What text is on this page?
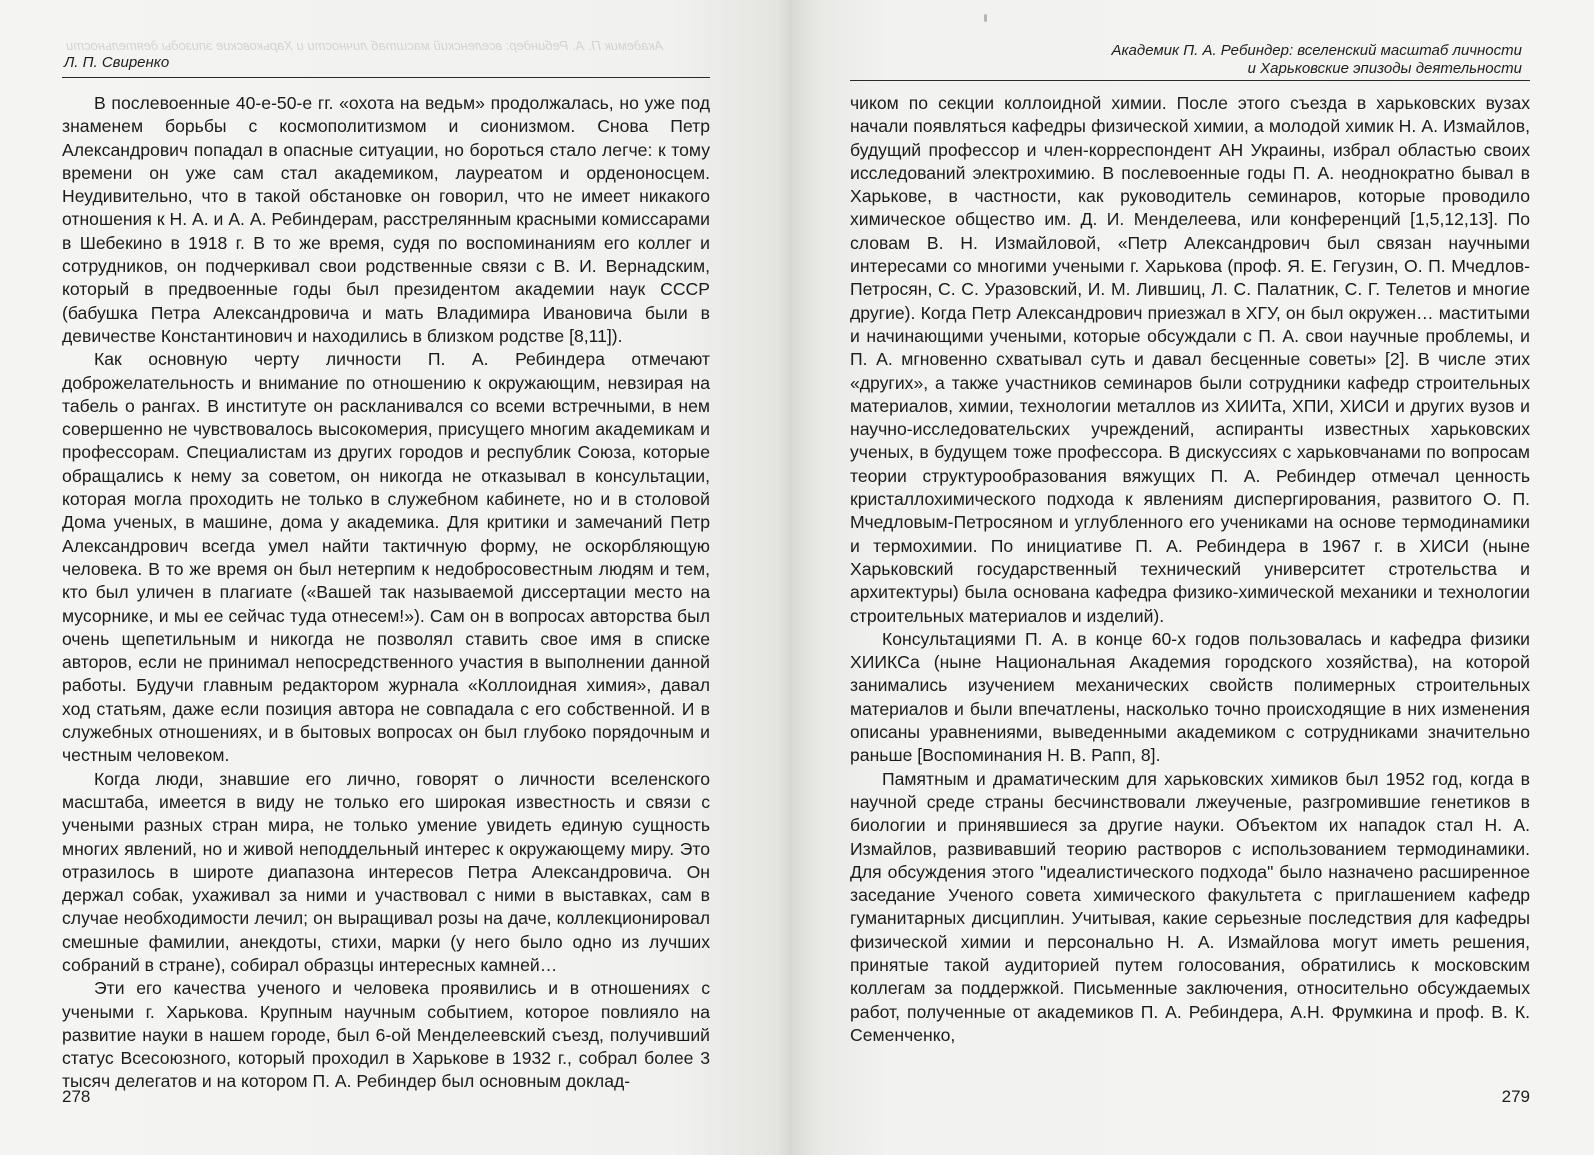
Академик П. А. Ребиндер: вселенский масштаб личности и Харьковские эпизоды деятельности
Л. П. Свиренко

В послевоенные 40-е-50-е гг. «охота на ведьм» продолжалась, но уже под знаменем борьбы с космополитизмом и сионизмом. Снова Петр Александрович попадал в опасные ситуации, но бороться стало легче: к тому времени он уже сам стал академиком, лауреатом и орденоносцем. Неудивительно, что в такой обстановке он говорил, что не имеет никакого отношения к Н. А. и А. А. Ребиндерам, расстрелянным красными комиссарами в Шебекино в 1918 г. В то же время, судя по воспоминаниям его коллег и сотрудников, он подчеркивал свои родственные связи с В. И. Вернадским, который в предвоенные годы был президентом академии наук СССР (бабушка Петра Александровича и мать Владимира Ивановича были в девичестве Константинович и находились в близком родстве [8,11]).

Как основную черту личности П. А. Ребиндера отмечают доброжелательность и внимание по отношению к окружающим, невзирая на табель о рангах. В институте он раскланивался со всеми встречными, в нем совершенно не чувствовалось высокомерия, присущего многим академикам и профессорам. Специалистам из других городов и республик Союза, которые обращались к нему за советом, он никогда не отказывал в консультации, которая могла проходить не только в служебном кабинете, но и в столовой Дома ученых, в машине, дома у академика. Для критики и замечаний Петр Александрович всегда умел найти тактичную форму, не оскорбляющую человека. В то же время он был нетерпим к недобросовестным людям и тем, кто был уличен в плагиате («Вашей так называемой диссертации место на мусорнике, и мы ее сейчас туда отнесем!»). Сам он в вопросах авторства был очень щепетильным и никогда не позволял ставить свое имя в списке авторов, если не принимал непосредственного участия в выполнении данной работы. Будучи главным редактором журнала «Коллоидная химия», давал ход статьям, даже если позиция автора не совпадала с его собственной. И в служебных отношениях, и в бытовых вопросах он был глубоко порядочным и честным человеком.

Когда люди, знавшие его лично, говорят о личности вселенского масштаба, имеется в виду не только его широкая известность и связи с учеными разных стран мира, не только умение увидеть единую сущность многих явлений, но и живой неподдельный интерес к окружающему миру. Это отразилось в широте диапазона интересов Петра Александровича. Он держал собак, ухаживал за ними и участвовал с ними в выставках, сам в случае необходимости лечил; он выращивал розы на даче, коллекционировал смешные фамилии, анекдоты, стихи, марки (у него было одно из лучших собраний в стране), собирал образцы интересных камней…

Эти его качества ученого и человека проявились и в отношениях с учеными г. Харькова. Крупным научным событием, которое повлияло на развитие науки в нашем городе, был 6-ой Менделеевский съезд, получивший статус Всесоюзного, который проходил в Харькове в 1932 г., собрал более 3 тысяч делегатов и на котором П. А. Ребиндер был основным доклад-

278
Академик П. А. Ребиндер: вселенский масштаб личности
и Харьковские эпизоды деятельности

чиком по секции коллоидной химии. После этого съезда в харьковских вузах начали появляться кафедры физической химии, а молодой химик Н. А. Измайлов, будущий профессор и член-корреспондент АН Украины, избрал областью своих исследований электрохимию. В послевоенные годы П. А. неоднократно бывал в Харькове, в частности, как руководитель семинаров, которые проводило химическое общество им. Д. И. Менделеева, или конференций [1,5,12,13]. По словам В. Н. Измайловой, «Петр Александрович был связан научными интересами со многими учеными г. Харькова (проф. Я. Е. Гегузин, О. П. Мчедлов-Петросян, С. С. Уразовский, И. М. Лившиц, Л. С. Палатник, С. Г. Телетов и многие другие). Когда Петр Александрович приезжал в ХГУ, он был окружен… маститыми и начинающими учеными, которые обсуждали с П. А. свои научные проблемы, и П. А. мгновенно схватывал суть и давал бесценные советы» [2]. В числе этих «других», а также участников семинаров были сотрудники кафедр строительных материалов, химии, технологии металлов из ХИИТа, ХПИ, ХИСИ и других вузов и научно-исследовательских учреждений, аспиранты известных харьковских ученых, в будущем тоже профессора. В дискуссиях с харьковчанами по вопросам теории структурообразования вяжущих П. А. Ребиндер отмечал ценность кристаллохимического подхода к явлениям диспергирования, развитого О. П. Мчедловым-Петросяном и углубленного его учениками на основе термодинамики и термохимии. По инициативе П. А. Ребиндера в 1967 г. в ХИСИ (ныне Харьковский государственный технический университет стротельства и архитектуры) была основана кафедра физико-химической механики и технологии строительных материалов и изделий).

Консультациями П. А. в конце 60-х годов пользовалась и кафедра физики ХИИКСа (ныне Национальная Академия городского хозяйства), на которой занимались изучением механических свойств полимерных строительных материалов и были впечатлены, насколько точно происходящие в них изменения описаны уравнениями, выведенными академиком с сотрудниками значительно раньше [Воспоминания Н. В. Рапп, 8].

Памятным и драматическим для харьковских химиков был 1952 год, когда в научной среде страны бесчинствовали лжеученые, разгромившие генетиков в биологии и принявшиеся за другие науки. Объектом их нападок стал Н. А. Измайлов, развивавший теорию растворов с использованием термодинамики. Для обсуждения этого "идеалистического подхода" было назначено расширенное заседание Ученого совета химического факультета с приглашением кафедр гуманитарных дисциплин. Учитывая, какие серьезные последствия для кафедры физической химии и персонально Н. А. Измайлова могут иметь решения, принятые такой аудиторией путем голосования, обратились к московским коллегам за поддержкой. Письменные заключения, относительно обсуждаемых работ, полученные от академиков П. А. Ребиндера, А.Н. Фрумкина и проф. В. К. Семенченко,

279
